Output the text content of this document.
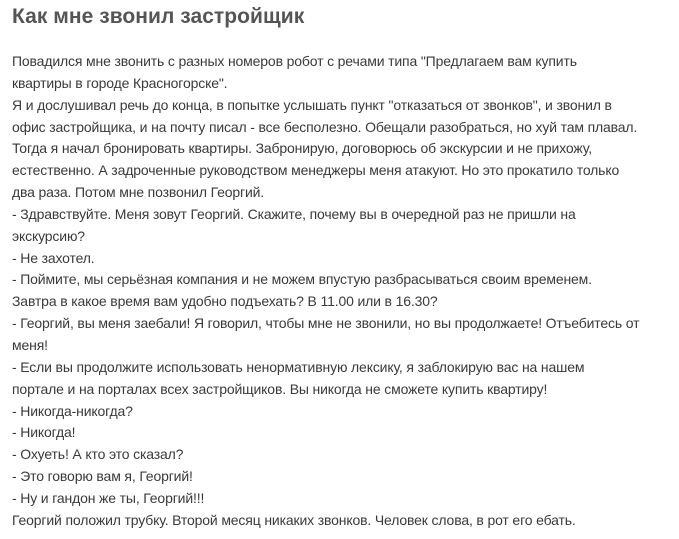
Как мне звонил застройщик
Повадился мне звонить с разных номеров робот с речами типа "Предлагаем вам купить
квартиры в городе Красногорске".
Я и дослушивал речь до конца, в попытке услышать пункт "отказаться от звонков", и звонил в
офис застройщика, и на почту писал - все бесполезно. Обещали разобраться, но хуй там плавал.
Тогда я начал бронировать квартиры. Забронирую, договорюсь об экскурсии и не прихожу,
естественно. А задроченные руководством менеджеры меня атакуют. Но это прокатило только
два раза. Потом мне позвонил Георгий.
- Здравствуйте. Меня зовут Георгий. Скажите, почему вы в очередной раз не пришли на
экскурсию?
- Не захотел.
- Поймите, мы серьёзная компания и не можем впустую разбрасываться своим временем.
Завтра в какое время вам удобно подъехать? В 11.00 или в 16.30?
- Георгий, вы меня заебали! Я говорил, чтобы мне не звонили, но вы продолжаете! Отъебитесь от
меня!
- Если вы продолжите использовать ненормативную лексику, я заблокирую вас на нашем
портале и на порталах всех застройщиков. Вы никогда не сможете купить квартиру!
- Никогда-никогда?
- Никогда!
- Охуеть! А кто это сказал?
- Это говорю вам я, Георгий!
- Ну и гандон же ты, Георгий!!!
Георгий положил трубку. Второй месяц никаких звонков. Человек слова, в рот его ебать.
